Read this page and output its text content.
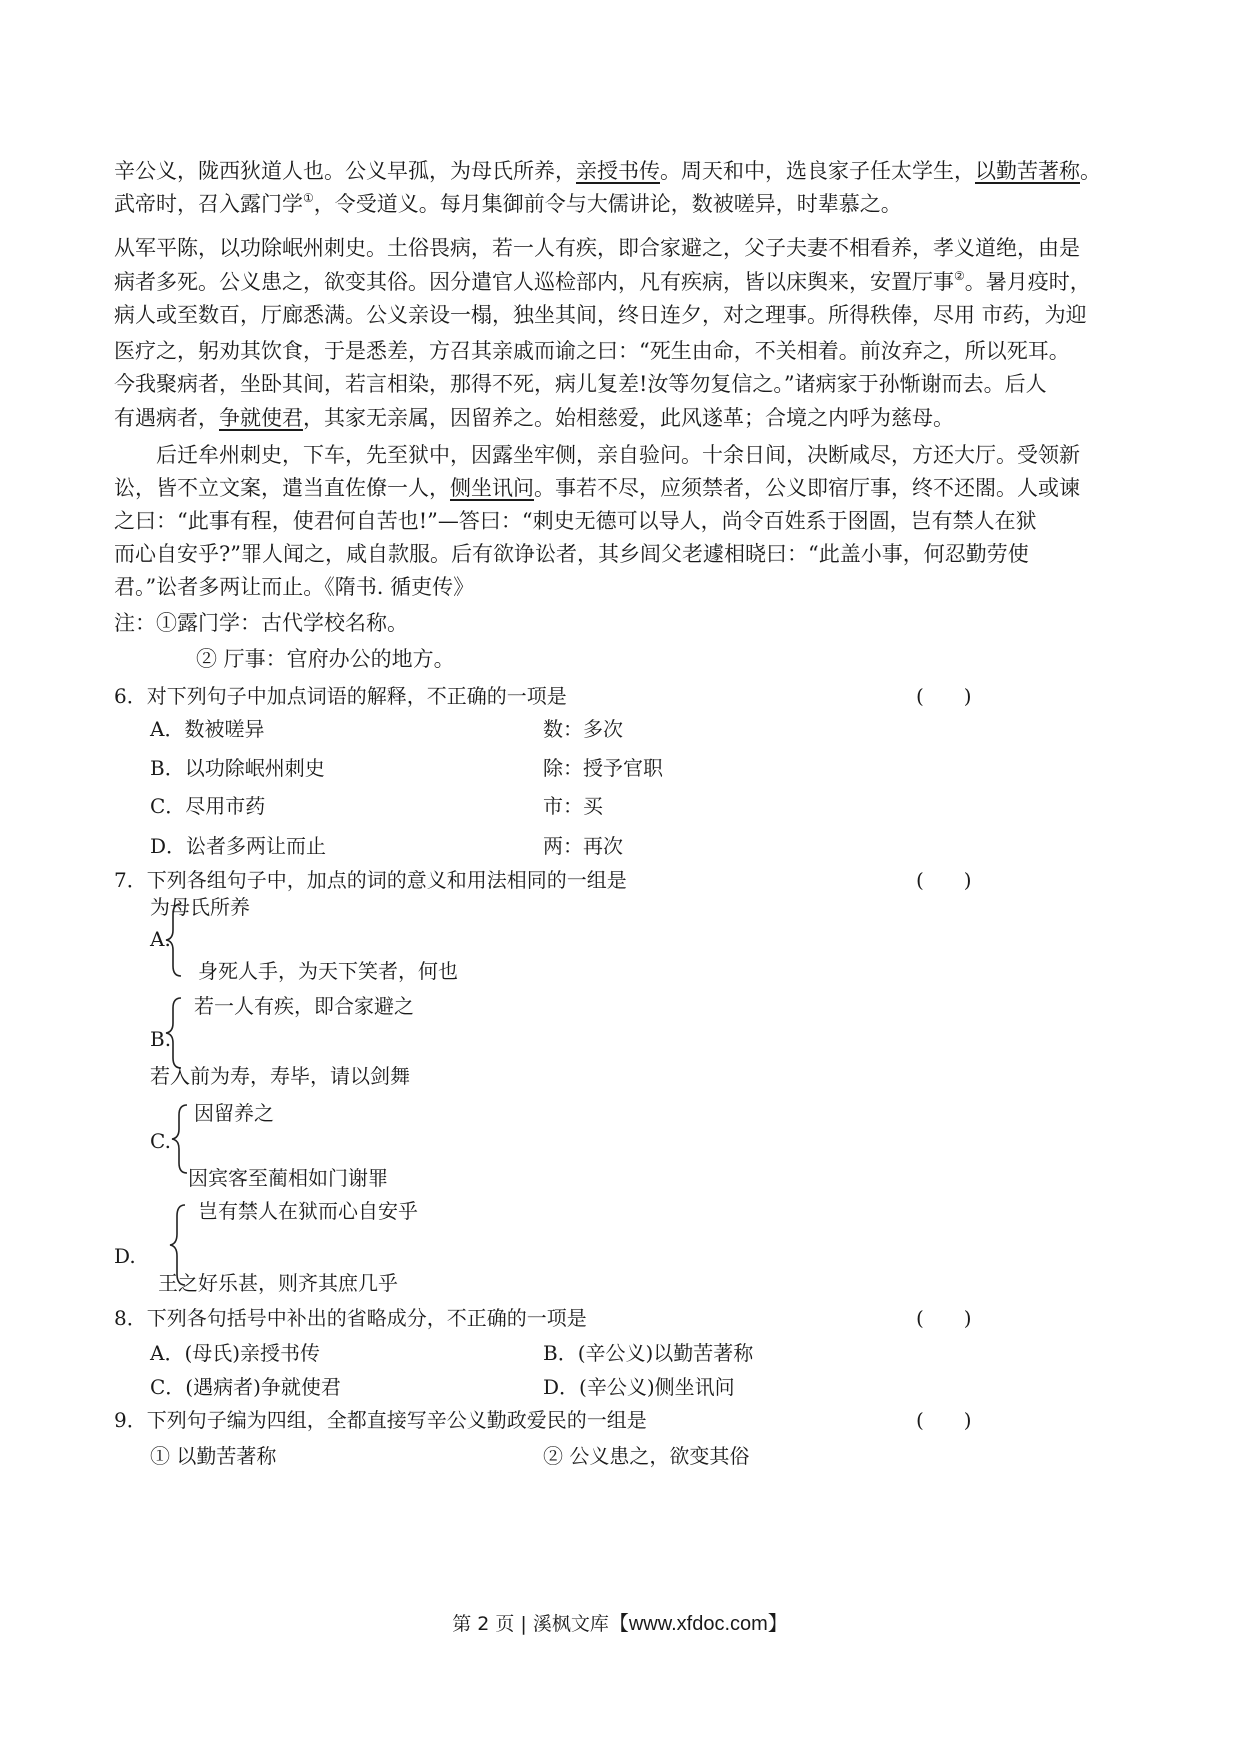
辛公义，陇西狄道人也。公义早孤，为母氏所养，亲授书传。周天和中，选良家子任太学生，以勤苦著称。
武帝时，召入露门学①，令受道义。每月集御前令与大儒讲论，数被嗟异，时辈慕之。
从军平陈，以功除岷州刺史。土俗畏病，若一人有疾，即合家避之，父子夫妻不相看养，孝义道绝，由是
病者多死。公义患之，欲变其俗。因分遣官人巡检部内，凡有疾病，皆以床舆来，安置厅事②。暑月疫时，
病人或至数百，厅廊悉满。公义亲设一榻，独坐其间，终日连夕，对之理事。所得秩俸，尽用 市药，为迎
医疗之，躬劝其饮食，于是悉差，方召其亲戚而谕之曰：“死生由命，不关相着。前汝弃之，所以死耳。
今我聚病者，坐卧其间，若言相染，那得不死，病儿复差!汝等勿复信之。”诸病家于孙惭谢而去。后人
有遇病者，争就使君，其家无亲属，因留养之。始相慈爱，此风遂革；合境之内呼为慈母。
后迁牟州刺史，下车，先至狱中，因露坐牢侧，亲自验问。十余日间，决断咸尽，方还大厅。受领新
讼，皆不立文案，遣当直佐僚一人，侧坐讯问。事若不尽，应须禁者，公义即宿厅事，终不还閤。人或谏
之曰：“此事有程，使君何自苦也!”—答曰：“刺史无德可以导人，尚令百姓系于囹圄，岂有禁人在狱
而心自安乎?”罪人闻之，咸自款服。后有欲诤讼者，其乡闾父老遽相晓曰：“此盖小事，何忍勤劳使
君。”讼者多两让而止。《隋书. 循吏传》
注：①露门学：古代学校名称。
② 厅事：官府办公的地方。
6．对下列句子中加点词语的解释，不正确的一项是	(　　)
A．数被嗟异	数：多次
B．以功除岷州刺史	除：授予官职
C．尽用市药	市：买
D．讼者多两让而止	两：再次
7．下列各组句子中，加点的词的意义和用法相同的一组是	(　　)
为母氏所养
A.
身死人手，为天下笑者，何也
若一人有疾，即合家避之
B.
若入前为寿，寿毕，请以剑舞
因留养之
C.
因宾客至蔺相如门谢罪
岂有禁人在狱而心自安乎
D.
王之好乐甚，则齐其庶几乎
8．下列各句括号中补出的省略成分，不正确的一项是	(　　)
A．(母氏)亲授书传	B．(辛公义)以勤苦著称
C．(遇病者)争就使君	D．(辛公义)侧坐讯问
9．下列句子编为四组，全都直接写辛公义勤政爱民的一组是	(　　)
① 以勤苦著称	② 公义患之，欲变其俗
第 2 页 | 溪枫文库【www.xfdoc.com】
